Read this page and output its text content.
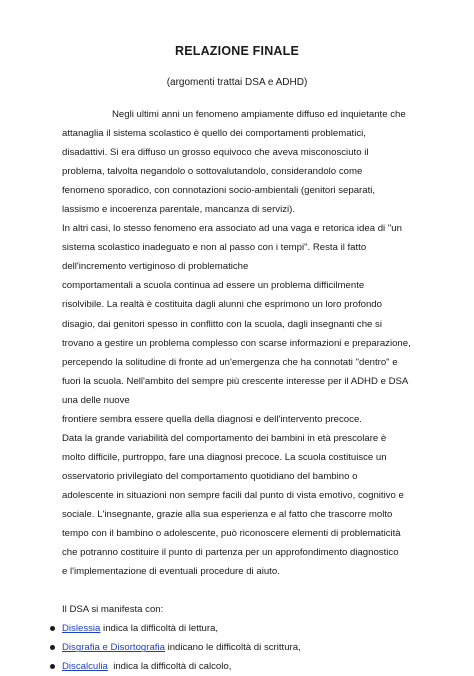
RELAZIONE FINALE
(argomenti trattai DSA e ADHD)
Negli ultimi anni un fenomeno ampiamente diffuso ed inquietante che
attanaglia il sistema scolastico è quello dei comportamenti problematici,
disadattivi. Si era diffuso un grosso equivoco che aveva misconosciuto il
problema, talvolta negandolo o sottovalutandolo, considerandolo come
fenomeno sporadico, con connotazioni socio-ambientali (genitori separati,
lassismo e incoerenza parentale, mancanza di servizi).
In altri casi, lo stesso fenomeno era associato ad una vaga e retorica idea di "un
sistema scolastico inadeguato e non al passo con i tempi". Resta il fatto
dell'incremento vertiginoso di problematiche
comportamentali a scuola continua ad essere un problema difficilmente
risolvibile. La realtà è costituita dagli alunni che esprimono un loro profondo
disagio, dai genitori spesso in conflitto con la scuola, dagli insegnanti che si
trovano a gestire un problema complesso con scarse informazioni e preparazione,
percependo la solitudine di fronte ad un'emergenza che ha connotati "dentro" e
fuori la scuola. Nell'ambito del sempre più crescente interesse per il ADHD e DSA
una delle nuove
frontiere sembra essere quella della diagnosi e dell'intervento precoce.
Data la grande variabilità del comportamento dei bambini in età prescolare è
molto difficile, purtroppo, fare una diagnosi precoce. La scuola costituisce un
osservatorio privilegiato del comportamento quotidiano del bambino o
adolescente in situazioni non sempre facili dal punto di vista emotivo, cognitivo e
sociale. L'insegnante, grazie alla sua esperienza e al fatto che trascorre molto
tempo con il bambino o adolescente, può riconoscere elementi di problematicità
che potranno costituire il punto di partenza per un approfondimento diagnostico
e l'implementazione di eventuali procedure di aiuto.
Il DSA si manifesta con:
Dislessia indica la difficoltà di lettura,
Disgrafia e Disortografia indicano le difficoltà di scrittura,
Discalculia indica la difficoltà di calcolo,
